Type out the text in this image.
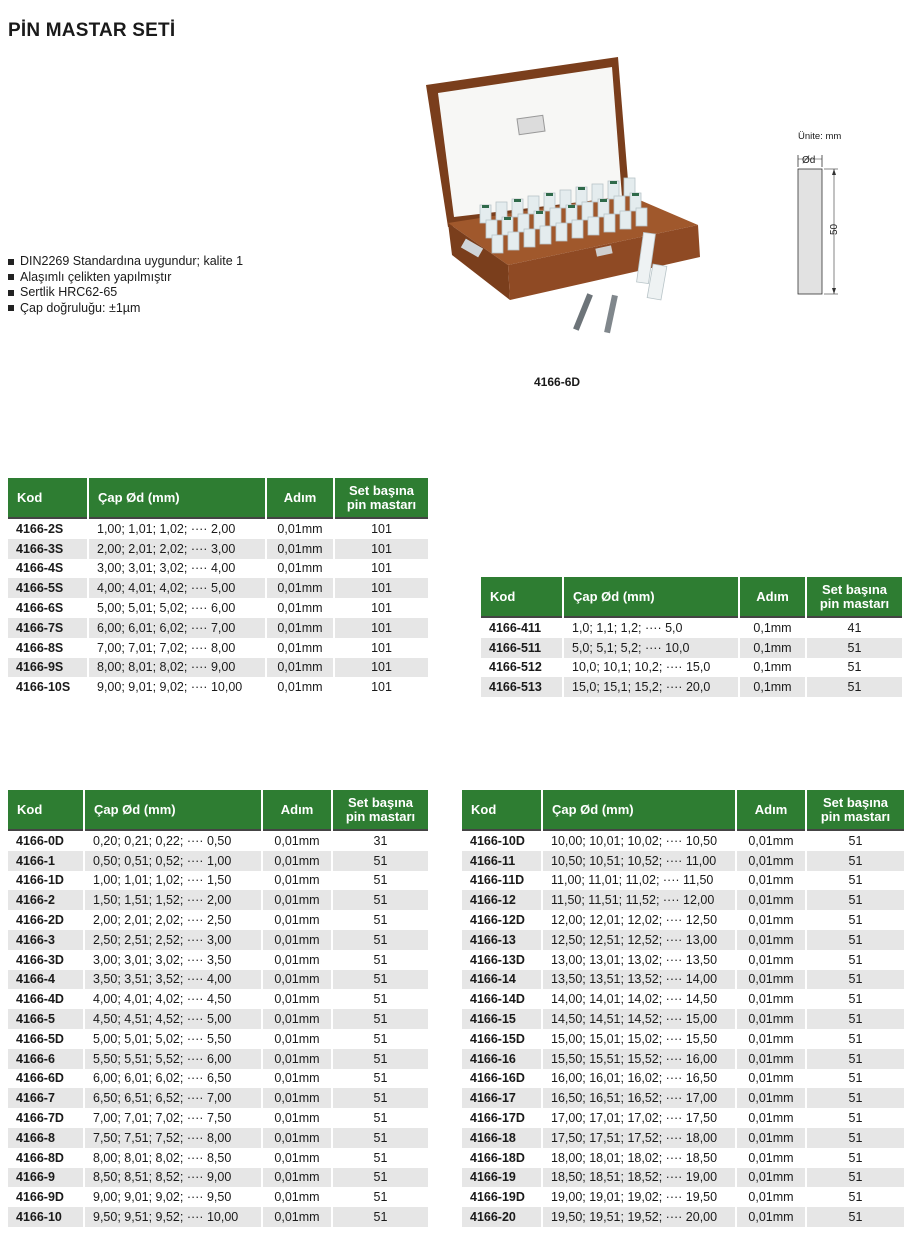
PİN MASTAR SETİ
DIN2269 Standardına uygundur; kalite 1
Alaşımlı çelikten yapılmıştır
Sertlik HRC62-65
Çap doğruluğu: ±1µm
4166-6D
Ünite: mm
Ød
50
Kod	Çap Ød (mm)	Adım	Set başına
pin mastarı
4166-2S	1,00; 1,01; 1,02; ···· 2,00	0,01mm	101
4166-3S	2,00; 2,01; 2,02; ···· 3,00	0,01mm	101
4166-4S	3,00; 3,01; 3,02; ···· 4,00	0,01mm	101
4166-5S	4,00; 4,01; 4,02; ···· 5,00	0,01mm	101
4166-6S	5,00; 5,01; 5,02; ···· 6,00	0,01mm	101
4166-7S	6,00; 6,01; 6,02; ···· 7,00	0,01mm	101
4166-8S	7,00; 7,01; 7,02; ···· 8,00	0,01mm	101
4166-9S	8,00; 8,01; 8,02; ···· 9,00	0,01mm	101
4166-10S	9,00; 9,01; 9,02; ···· 10,00	0,01mm	101
Kod	Çap Ød (mm)	Adım	Set başına
pin mastarı
4166-411	1,0; 1,1; 1,2; ···· 5,0	0,1mm	41
4166-511	5,0; 5,1; 5,2; ···· 10,0	0,1mm	51
4166-512	10,0; 10,1; 10,2; ···· 15,0	0,1mm	51
4166-513	15,0; 15,1; 15,2; ···· 20,0	0,1mm	51
Kod	Çap Ød (mm)	Adım	Set başına
pin mastarı
4166-0D	0,20; 0,21; 0,22; ···· 0,50	0,01mm	31
4166-1	0,50; 0,51; 0,52; ···· 1,00	0,01mm	51
4166-1D	1,00; 1,01; 1,02; ···· 1,50	0,01mm	51
4166-2	1,50; 1,51; 1,52; ···· 2,00	0,01mm	51
4166-2D	2,00; 2,01; 2,02; ···· 2,50	0,01mm	51
4166-3	2,50; 2,51; 2,52; ···· 3,00	0,01mm	51
4166-3D	3,00; 3,01; 3,02; ···· 3,50	0,01mm	51
4166-4	3,50; 3,51; 3,52; ···· 4,00	0,01mm	51
4166-4D	4,00; 4,01; 4,02; ···· 4,50	0,01mm	51
4166-5	4,50; 4,51; 4,52; ···· 5,00	0,01mm	51
4166-5D	5,00; 5,01; 5,02; ···· 5,50	0,01mm	51
4166-6	5,50; 5,51; 5,52; ···· 6,00	0,01mm	51
4166-6D	6,00; 6,01; 6,02; ···· 6,50	0,01mm	51
4166-7	6,50; 6,51; 6,52; ···· 7,00	0,01mm	51
4166-7D	7,00; 7,01; 7,02; ···· 7,50	0,01mm	51
4166-8	7,50; 7,51; 7,52; ···· 8,00	0,01mm	51
4166-8D	8,00; 8,01; 8,02; ···· 8,50	0,01mm	51
4166-9	8,50; 8,51; 8,52; ···· 9,00	0,01mm	51
4166-9D	9,00; 9,01; 9,02; ···· 9,50	0,01mm	51
4166-10	9,50; 9,51; 9,52; ···· 10,00	0,01mm	51
Kod	Çap Ød (mm)	Adım	Set başına
pin mastarı
4166-10D	10,00; 10,01; 10,02; ···· 10,50	0,01mm	51
4166-11	10,50; 10,51; 10,52; ···· 11,00	0,01mm	51
4166-11D	11,00; 11,01; 11,02; ···· 11,50	0,01mm	51
4166-12	11,50; 11,51; 11,52; ···· 12,00	0,01mm	51
4166-12D	12,00; 12,01; 12,02; ···· 12,50	0,01mm	51
4166-13	12,50; 12,51; 12,52; ···· 13,00	0,01mm	51
4166-13D	13,00; 13,01; 13,02; ···· 13,50	0,01mm	51
4166-14	13,50; 13,51; 13,52; ···· 14,00	0,01mm	51
4166-14D	14,00; 14,01; 14,02; ···· 14,50	0,01mm	51
4166-15	14,50; 14,51; 14,52; ···· 15,00	0,01mm	51
4166-15D	15,00; 15,01; 15,02; ···· 15,50	0,01mm	51
4166-16	15,50; 15,51; 15,52; ···· 16,00	0,01mm	51
4166-16D	16,00; 16,01; 16,02; ···· 16,50	0,01mm	51
4166-17	16,50; 16,51; 16,52; ···· 17,00	0,01mm	51
4166-17D	17,00; 17,01; 17,02; ···· 17,50	0,01mm	51
4166-18	17,50; 17,51; 17,52; ···· 18,00	0,01mm	51
4166-18D	18,00; 18,01; 18,02; ···· 18,50	0,01mm	51
4166-19	18,50; 18,51; 18,52; ···· 19,00	0,01mm	51
4166-19D	19,00; 19,01; 19,02; ···· 19,50	0,01mm	51
4166-20	19,50; 19,51; 19,52; ···· 20,00	0,01mm	51
